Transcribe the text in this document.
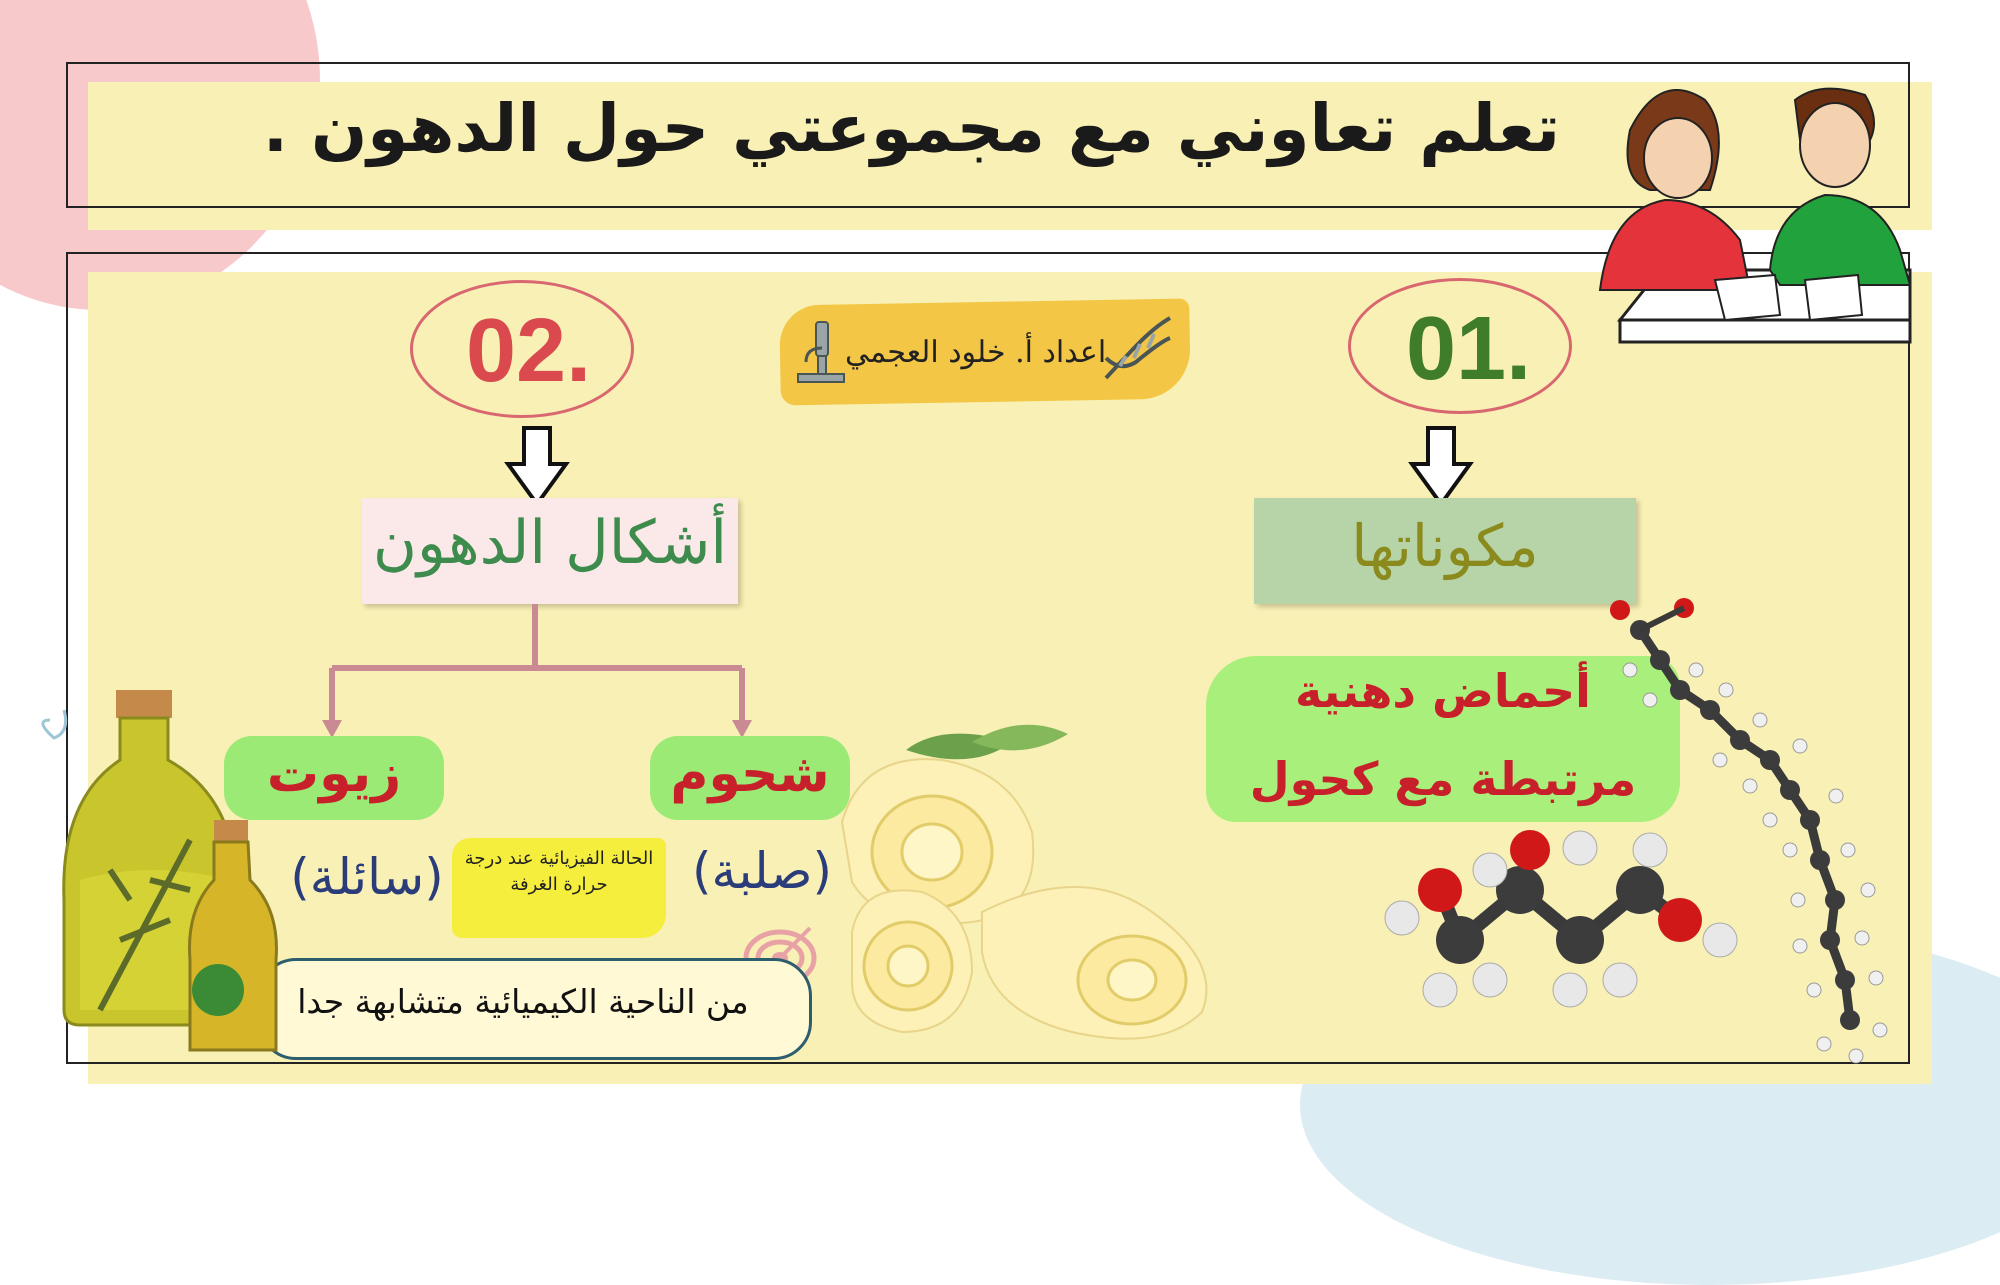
تعلم تعاوني مع مجموعتي حول الدهون .
اعداد أ. خلود العجمي	01.
02.
مكوناتها
أشكال الدهون
أحماض دهنية
مرتبطة مع كحول
شحوم
زيوت
(صلبة)
(سائلة)	الحالة الفيزيائية عند درجة حرارة الغرفة
من الناحية الكيميائية متشابهة جدا
